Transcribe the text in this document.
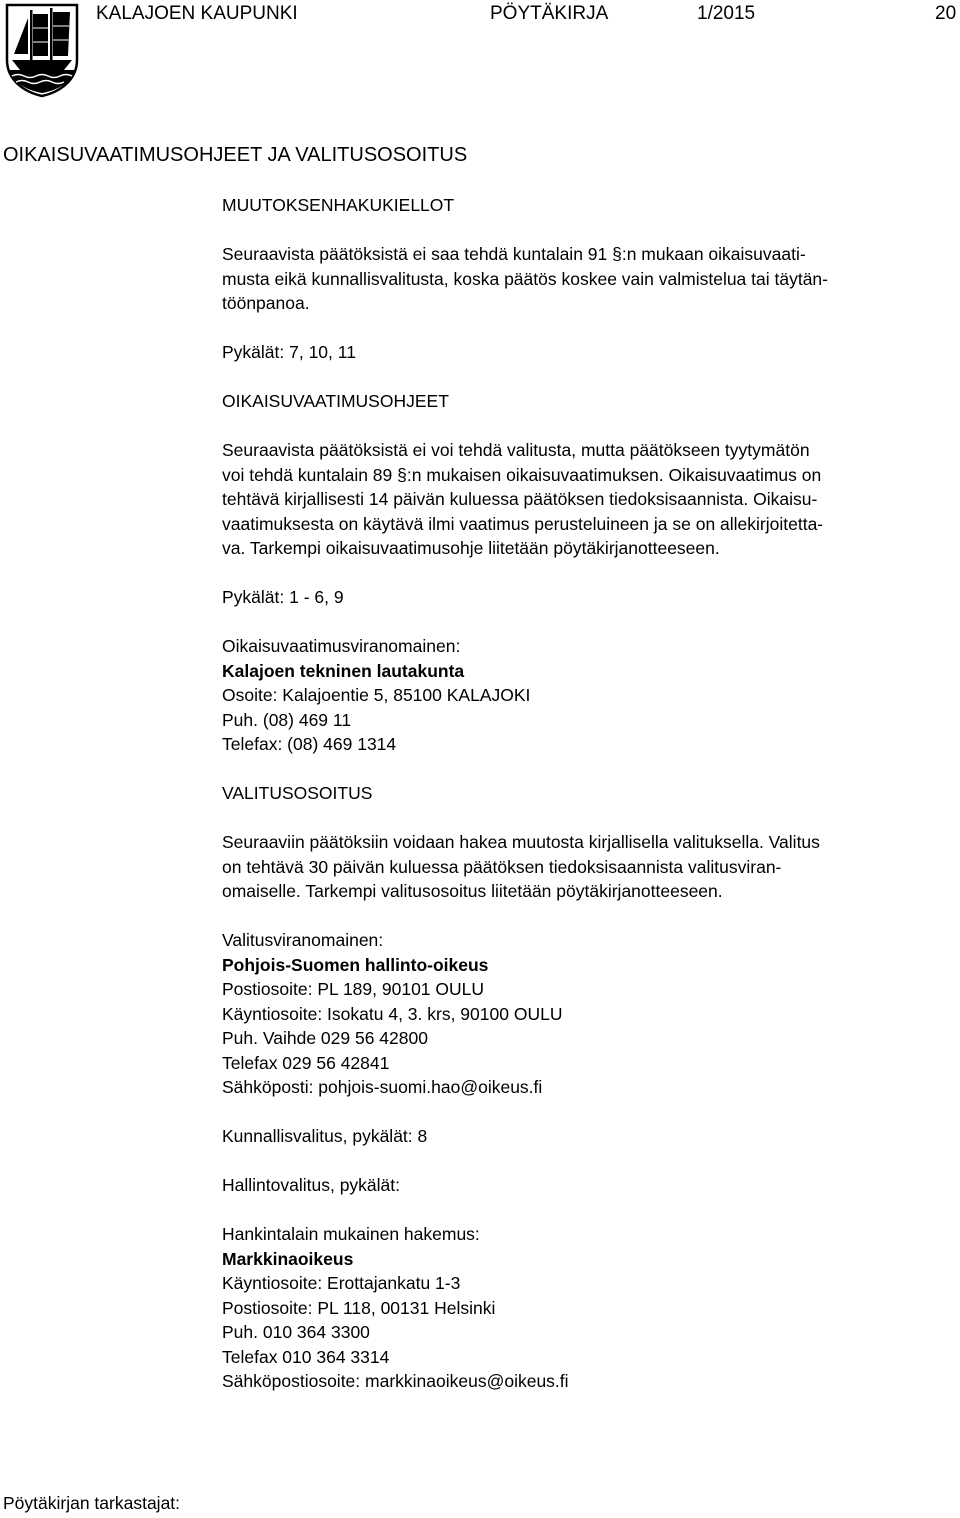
KALAJOEN KAUPUNKI	PÖYTÄKIRJA	1/2015	20
OIKAISUVAATIMUSOHJEET JA VALITUSOSOITUS
MUUTOKSENHAKUKIELLOT

Seuraavista päätöksistä ei saa tehdä kuntalain 91 §:n mukaan oikaisuvaati-
musta eikä kunnallisvalitusta, koska päätös koskee vain valmistelua tai täytän-
töönpanoa.

Pykälät: 7, 10, 11

OIKAISUVAATIMUSOHJEET

Seuraavista päätöksistä ei voi tehdä valitusta, mutta päätökseen tyytymätön
voi tehdä kuntalain 89 §:n mukaisen oikaisuvaatimuksen. Oikaisuvaatimus on
tehtävä kirjallisesti 14 päivän kuluessa päätöksen tiedoksisaannista. Oikaisu-
vaatimuksesta on käytävä ilmi vaatimus perusteluineen ja se on allekirjoitetta-
va. Tarkempi oikaisuvaatimusohje liitetään pöytäkirjanotteeseen.

Pykälät: 1 - 6, 9

Oikaisuvaatimusviranomainen:

Kalajoen tekninen lautakunta

Osoite: Kalajoentie 5, 85100 KALAJOKI

Puh. (08) 469 11

Telefax: (08) 469 1314

VALITUSOSOITUS

Seuraaviin päätöksiin voidaan hakea muutosta kirjallisella valituksella. Valitus
on tehtävä 30 päivän kuluessa päätöksen tiedoksisaannista valitusviran-
omaiselle. Tarkempi valitusosoitus liitetään pöytäkirjanotteeseen.

Valitusviranomainen:

Pohjois-Suomen hallinto-oikeus

Postiosoite: PL 189, 90101 OULU

Käyntiosoite: Isokatu 4, 3. krs, 90100 OULU

Puh. Vaihde 029 56 42800

Telefax 029 56 42841

Sähköposti: pohjois-suomi.hao@oikeus.fi

Kunnallisvalitus, pykälät: 8

Hallintovalitus, pykälät:

Hankintalain mukainen hakemus:

Markkinaoikeus

Käyntiosoite: Erottajankatu 1-3

Postiosoite: PL 118, 00131 Helsinki

Puh. 010 364 3300

Telefax 010 364 3314

Sähköpostiosoite: markkinaoikeus@oikeus.fi

Pöytäkirjan tarkastajat:
